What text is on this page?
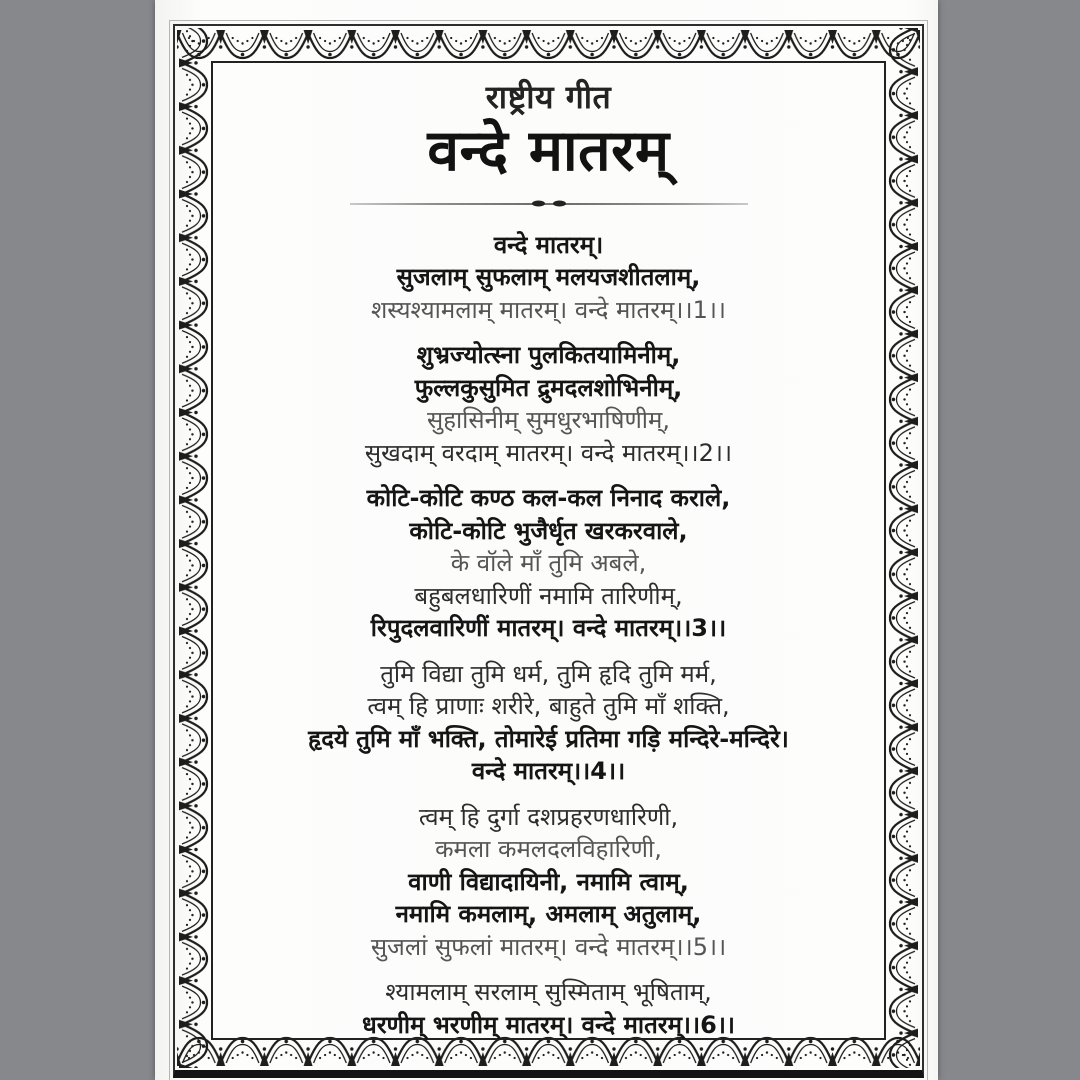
राष्ट्रीय गीत
वन्दे मातरम्
वन्दे मातरम्।
सुजलाम् सुफलाम् मलयजशीतलाम्,
शस्यश्यामलाम् मातरम्। वन्दे मातरम्।।1।।
शुभ्रज्योत्स्ना पुलकितयामिनीम्,
फुल्लकुसुमित द्रुमदलशोभिनीम्,
सुहासिनीम् सुमधुरभाषिणीम्,
सुखदाम् वरदाम् मातरम्। वन्दे मातरम्।।2।।
कोटि-कोटि कण्ठ कल-कल निनाद कराले,
कोटि-कोटि भुजैर्धृत खरकरवाले,
के वॉले माँ तुमि अबले,
बहुबलधारिणीं नमामि तारिणीम्,
रिपुदलवारिणीं मातरम्। वन्दे मातरम्।।3।।
तुमि विद्या तुमि धर्म, तुमि हृदि तुमि मर्म,
त्वम् हि प्राणाः शरीरे, बाहुते तुमि माँ शक्ति,
हृदये तुमि माँ भक्ति, तोमारेई प्रतिमा गड़ि मन्दिरे-मन्दिरे।
वन्दे मातरम्।।4।।
त्वम् हि दुर्गा दशप्रहरणधारिणी,
कमला कमलदलविहारिणी,
वाणी विद्यादायिनी, नमामि त्वाम्,
नमामि कमलाम्, अमलाम् अतुलाम्,
सुजलां सुफलां मातरम्। वन्दे मातरम्।।5।।
श्यामलाम् सरलाम् सुस्मिताम् भूषिताम्,
धरणीम् भरणीम् मातरम्। वन्दे मातरम्।।6।।
